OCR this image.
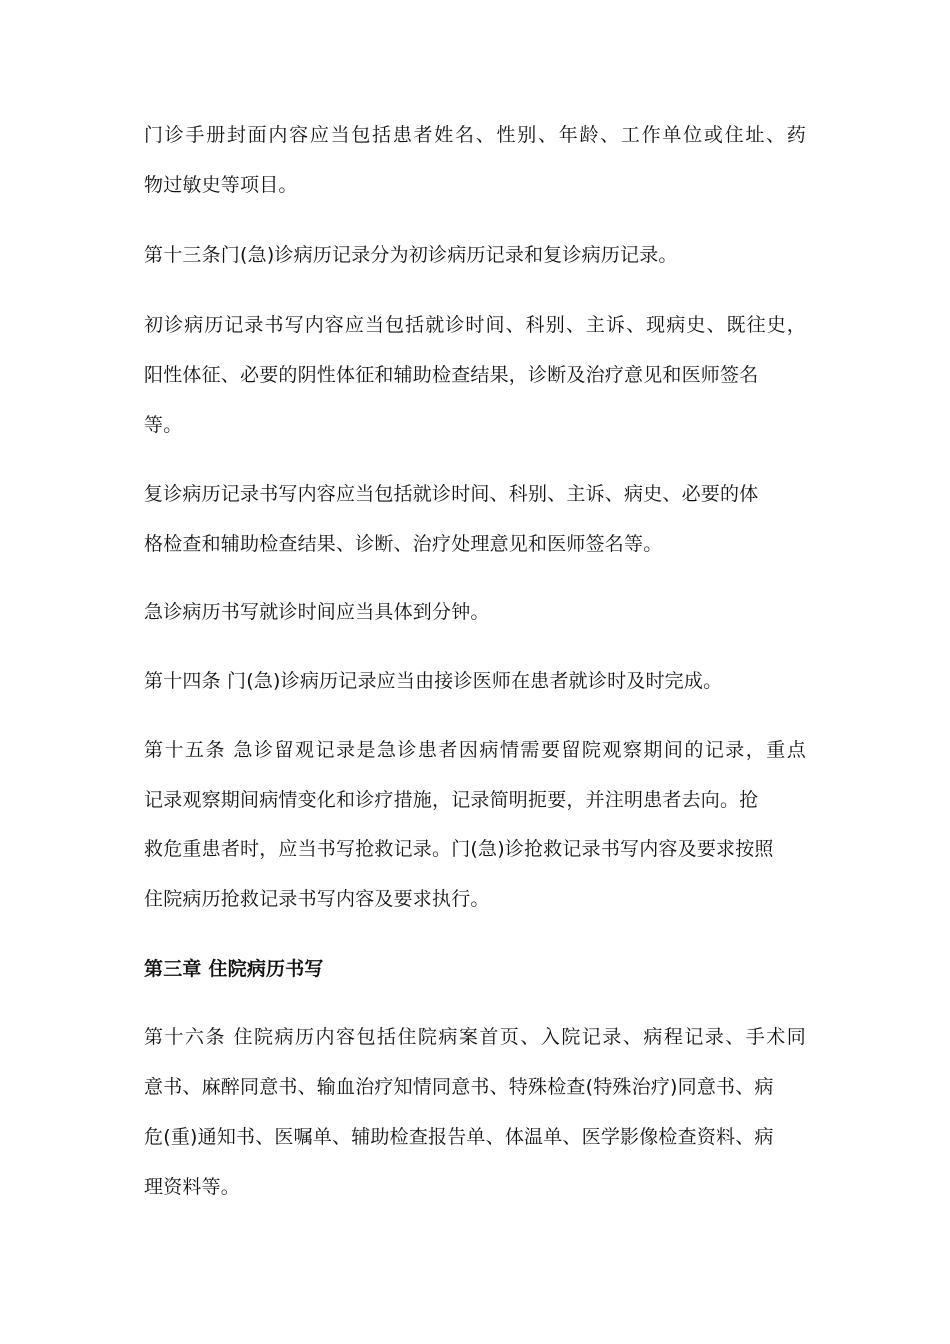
门诊手册封面内容应当包括患者姓名、性别、年龄、工作单位或住址、药
物过敏史等项目。
第十三条门(急)诊病历记录分为初诊病历记录和复诊病历记录。
初诊病历记录书写内容应当包括就诊时间、科别、主诉、现病史、既往史，
阳性体征、必要的阴性体征和辅助检查结果，诊断及治疗意见和医师签名
等。
复诊病历记录书写内容应当包括就诊时间、科别、主诉、病史、必要的体
格检查和辅助检查结果、诊断、治疗处理意见和医师签名等。
急诊病历书写就诊时间应当具体到分钟。
第十四条 门(急)诊病历记录应当由接诊医师在患者就诊时及时完成。
第十五条 急诊留观记录是急诊患者因病情需要留院观察期间的记录，重点
记录观察期间病情变化和诊疗措施，记录简明扼要，并注明患者去向。抢
救危重患者时，应当书写抢救记录。门(急)诊抢救记录书写内容及要求按照
住院病历抢救记录书写内容及要求执行。
第三章 住院病历书写
第十六条 住院病历内容包括住院病案首页、入院记录、病程记录、手术同
意书、麻醉同意书、输血治疗知情同意书、特殊检查(特殊治疗)同意书、病
危(重)通知书、医嘱单、辅助检查报告单、体温单、医学影像检查资料、病
理资料等。
